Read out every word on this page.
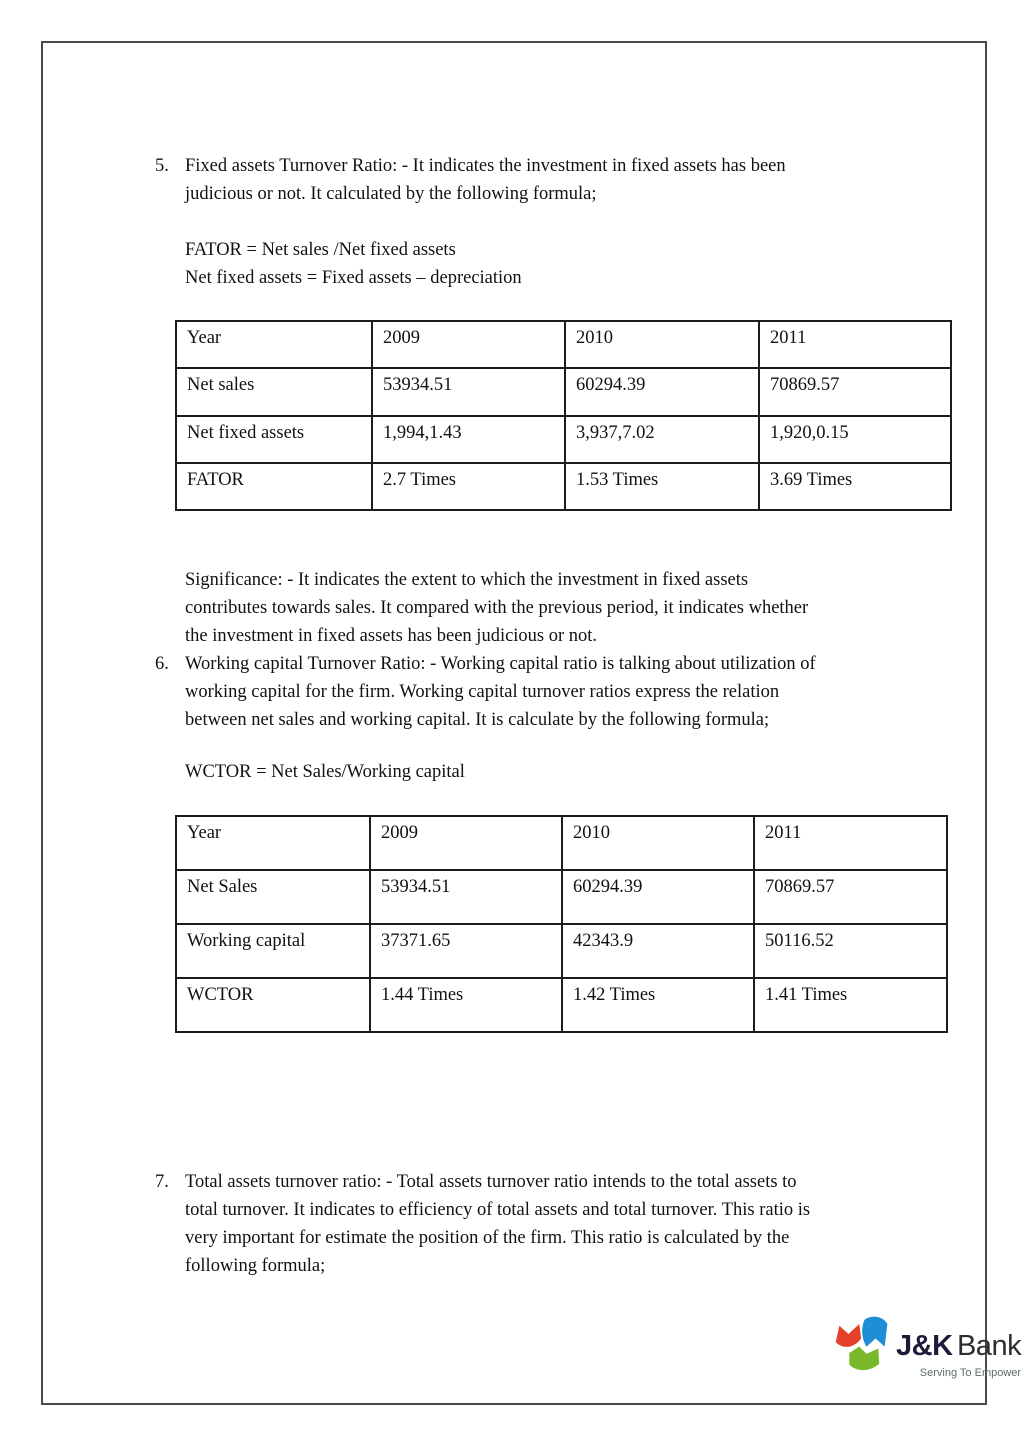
5. Fixed assets Turnover Ratio: - It indicates the investment in fixed assets has been
judicious or not. It calculated by the following formula;
FATOR = Net sales /Net fixed assets
Net fixed assets = Fixed assets – depreciation
Year	2009	2010	2011
Net sales	53934.51	60294.39	70869.57
Net fixed assets	1,994,1.43	3,937,7.02	1,920,0.15
FATOR	2.7 Times	1.53 Times	3.69 Times
Significance: - It indicates the extent to which the investment in fixed assets
contributes towards sales. It compared with the previous period, it indicates whether
the investment in fixed assets has been judicious or not.
6. Working capital Turnover Ratio: - Working capital ratio is talking about utilization of
working capital for the firm. Working capital turnover ratios express the relation
between net sales and working capital. It is calculate by the following formula;
WCTOR = Net Sales/Working capital
Year	2009	2010	2011
Net Sales	53934.51	60294.39	70869.57
Working capital	37371.65	42343.9	50116.52
WCTOR	1.44 Times	1.42 Times	1.41 Times
7. Total assets turnover ratio: - Total assets turnover ratio intends to the total assets to
total turnover. It indicates to efficiency of total assets and total turnover. This ratio is
very important for estimate the position of the firm. This ratio is calculated by the
following formula;
J&K Bank
Serving To Empower
